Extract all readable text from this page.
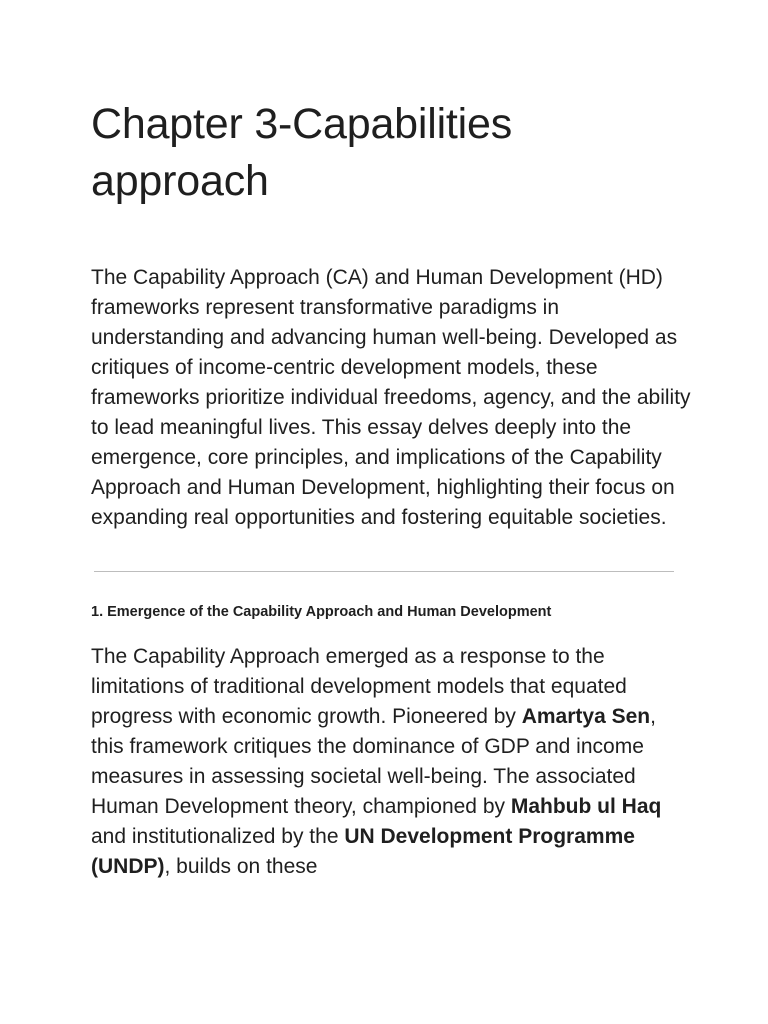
Chapter 3-Capabilities approach

The Capability Approach (CA) and Human Development (HD) frameworks represent transformative paradigms in understanding and advancing human well-being. Developed as critiques of income-centric development models, these frameworks prioritize individual freedoms, agency, and the ability to lead meaningful lives. This essay delves deeply into the emergence, core principles, and implications of the Capability Approach and Human Development, highlighting their focus on expanding real opportunities and fostering equitable societies.

1. Emergence of the Capability Approach and Human Development

The Capability Approach emerged as a response to the limitations of traditional development models that equated progress with economic growth. Pioneered by Amartya Sen, this framework critiques the dominance of GDP and income measures in assessing societal well-being. The associated Human Development theory, championed by Mahbub ul Haq and institutionalized by the UN Development Programme (UNDP), builds on these
